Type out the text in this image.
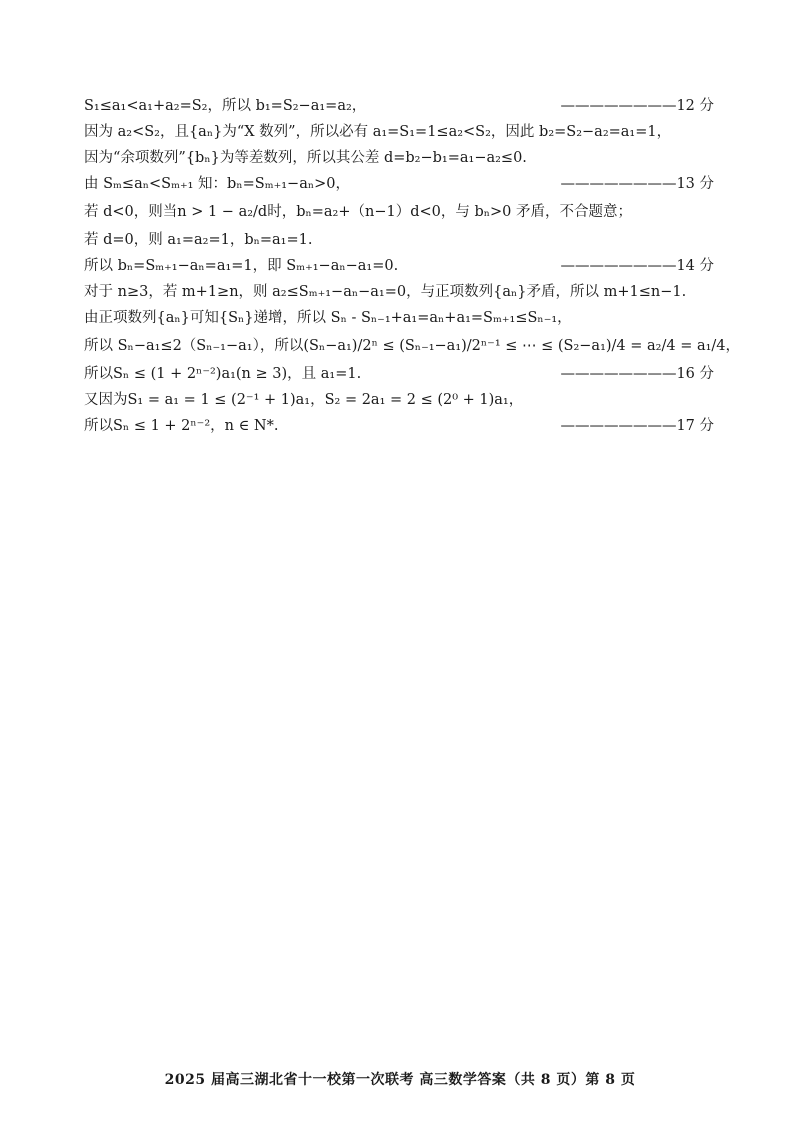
S₁≤a₁<a₁+a₂=S₂，所以 b₁=S₂−a₁=a₂，	————————12 分
因为 a₂<S₂，且{aₙ}为“X 数列”，所以必有 a₁=S₁=1≤a₂<S₂，因此 b₂=S₂−a₂=a₁=1，
因为“余项数列”{bₙ}为等差数列，所以其公差 d=b₂−b₁=a₁−a₂≤0.
由 Sₘ≤aₙ<Sₘ₊₁ 知：bₙ=Sₘ₊₁−aₙ>0，	————————13 分
若 d<0，则当n > 1 − a₂/d时，bₙ=a₂+（n−1）d<0，与 bₙ>0 矛盾，不合题意；
若 d=0，则 a₁=a₂=1，bₙ=a₁=1.
所以 bₙ=Sₘ₊₁−aₙ=a₁=1，即 Sₘ₊₁−aₙ−a₁=0.	————————14 分
对于 n≥3，若 m+1≥n，则 a₂≤Sₘ₊₁−aₙ−a₁=0，与正项数列{aₙ}矛盾，所以 m+1≤n−1.
由正项数列{aₙ}可知{Sₙ}递增，所以 Sₙ - Sₙ₋₁+a₁=aₙ+a₁=Sₘ₊₁≤Sₙ₋₁，
所以 Sₙ−a₁≤2（Sₙ₋₁−a₁），所以(Sₙ−a₁)/2ⁿ ≤ (Sₙ₋₁−a₁)/2ⁿ⁻¹ ≤ ⋯ ≤ (S₂−a₁)/4 = a₂/4 = a₁/4，
所以Sₙ ≤ (1 + 2ⁿ⁻²)a₁(n ≥ 3)，且 a₁=1.	————————16 分
又因为S₁ = a₁ = 1 ≤ (2⁻¹ + 1)a₁，S₂ = 2a₁ = 2 ≤ (2⁰ + 1)a₁，
所以Sₙ ≤ 1 + 2ⁿ⁻²，n ∈ N*.	————————17 分
2025 届高三湖北省十一校第一次联考 高三数学答案（共 8 页）第 8 页
